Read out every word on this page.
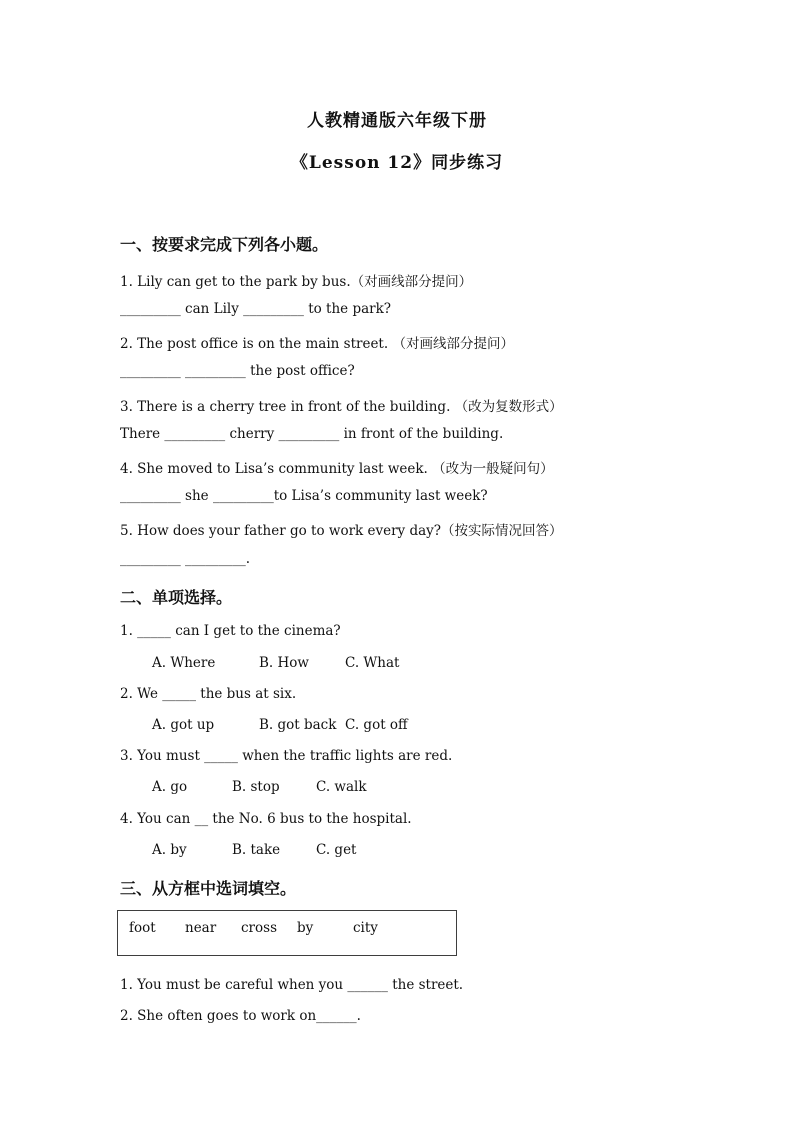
人教精通版六年级下册
《Lesson 12》同步练习
一、按要求完成下列各小题。
1. Lily can get to the park by bus.（对画线部分提问）
_________ can Lily _________ to the park?
2. The post office is on the main street. （对画线部分提问）
_________ _________ the post office?
3. There is a cherry tree in front of the building. （改为复数形式）
There _________ cherry _________ in front of the building.
4. She moved to Lisa’s community last week. （改为一般疑问句）
_________ she _________to Lisa’s community last week?
5. How does your father go to work every day?（按实际情况回答）
_________ _________.
二、单项选择。
1. _____ can I get to the cinema?
A. Where	B. How	C. What
2. We _____ the bus at six.
A. got up	B. got back C. got off
3. You must _____ when the traffic lights are red.
A. go	B. stop	C. walk
4. You can __ the No. 6 bus to the hospital.
A. by	B. take	C. get
三、从方框中选词填空。
foot near cross by	city
1. You must be careful when you ______ the street.
2. She often goes to work on______.
